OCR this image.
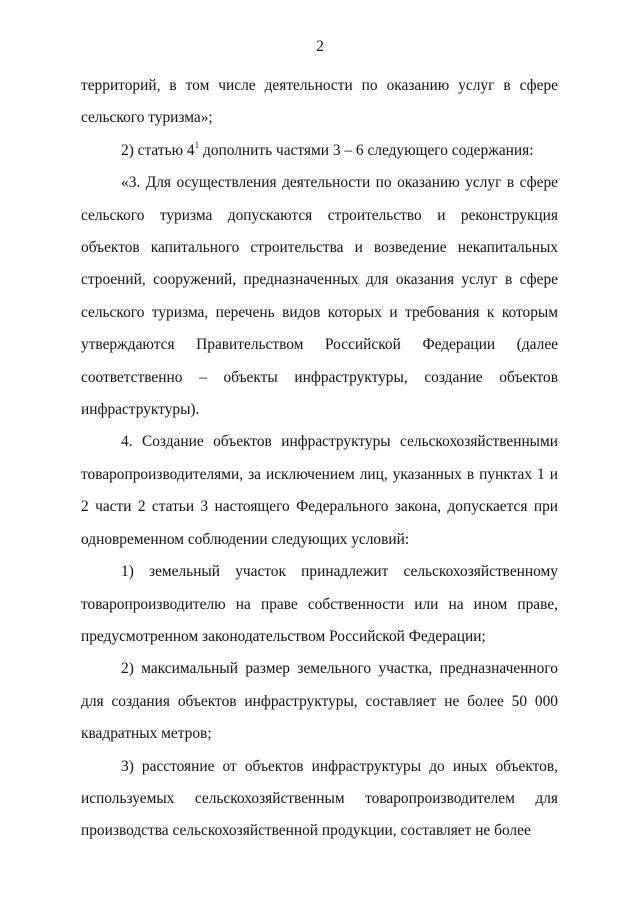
2

территорий, в том числе деятельности по оказанию услуг в сфере сельского туризма»;

2) статью $4^1$ дополнить частями 3 – 6 следующего содержания:

«3. Для осуществления деятельности по оказанию услуг в сфере сельского туризма допускаются строительство и реконструкция объектов капитального строительства и возведение некапитальных строений, сооружений, предназначенных для оказания услуг в сфере сельского туризма, перечень видов которых и требования к которым утверждаются Правительством Российской Федерации (далее соответственно – объекты инфраструктуры, создание объектов инфраструктуры).

4. Создание объектов инфраструктуры сельскохозяйственными товаропроизводителями, за исключением лиц, указанных в пунктах 1 и 2 части 2 статьи 3 настоящего Федерального закона, допускается при одновременном соблюдении следующих условий:

1) земельный участок принадлежит сельскохозяйственному товаропроизводителю на праве собственности или на ином праве, предусмотренном законодательством Российской Федерации;

2) максимальный размер земельного участка, предназначенного для создания объектов инфраструктуры, составляет не более 50 000 квадратных метров;

3) расстояние от объектов инфраструктуры до иных объектов, используемых сельскохозяйственным товаропроизводителем для производства сельскохозяйственной продукции, составляет не более
